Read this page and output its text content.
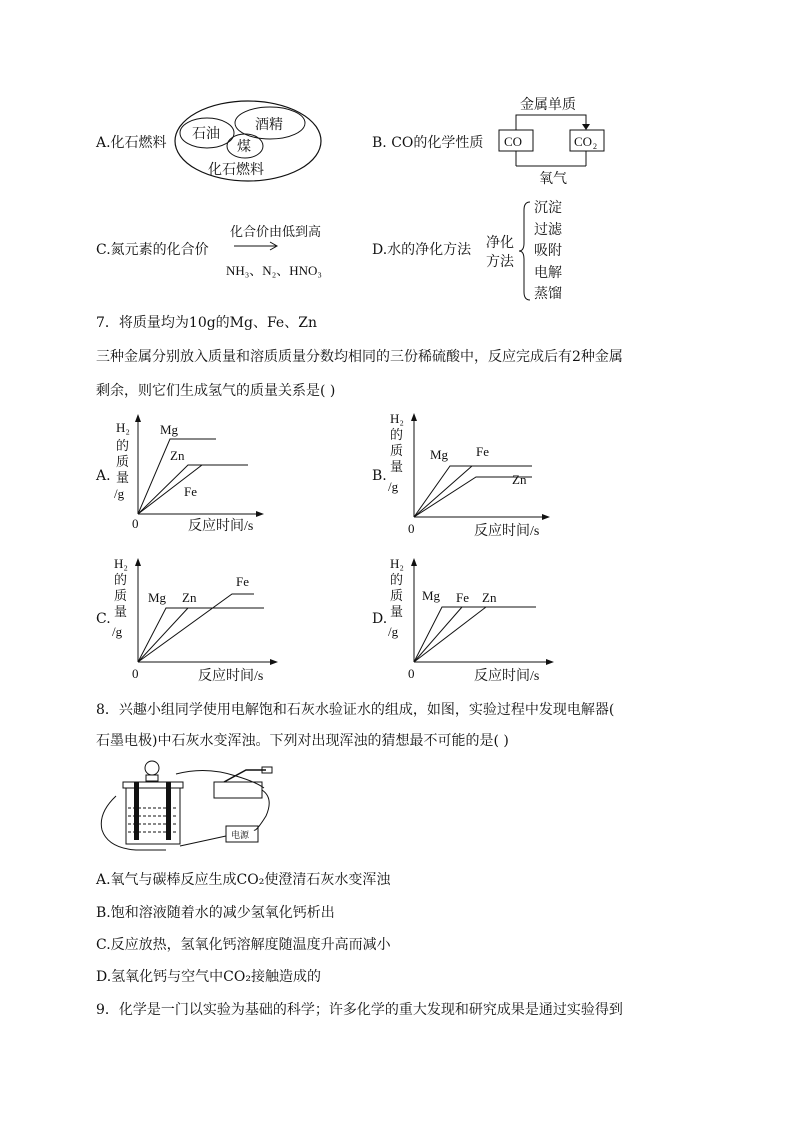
A.化石燃料
石油
酒精
煤
化石燃料
B. CO的化学性质
金属单质
CO	CO 2
氧气
C.氮元素的化合价
化合价由低到高
NH₃、N₂、HNO₃
D.水的净化方法 净化
方法
沉淀
过滤
吸附
电解
蒸馏
7．将质量均为10g的Mg、Fe、Zn
三种金属分别放入质量和溶质质量分数均相同的三份稀硫酸中，反应完成后有2种金属
剩余，则它们生成氢气的质量关系是( )
A.
H₂
的
质
量
/g
0	反应时间/s
Mg
Zn
Fe
B.
H₂
的
质
量
/g
0	反应时间/s
Mg Fe
Zn
C.
H₂
的
质
量
/g
0	反应时间/s
Mg Zn
Fe
D.
H₂
的
质
量
/g
0	反应时间/s
Mg Fe Zn
8．兴趣小组同学使用电解饱和石灰水验证水的组成，如图，实验过程中发现电解器(
石墨电极)中石灰水变浑浊。下列对出现浑浊的猜想最不可能的是( )
电源
A.氧气与碳棒反应生成CO₂使澄清石灰水变浑浊
B.饱和溶液随着水的减少氢氧化钙析出
C.反应放热，氢氧化钙溶解度随温度升高而减小
D.氢氧化钙与空气中CO₂接触造成的
9．化学是一门以实验为基础的科学；许多化学的重大发现和研究成果是通过实验得到
